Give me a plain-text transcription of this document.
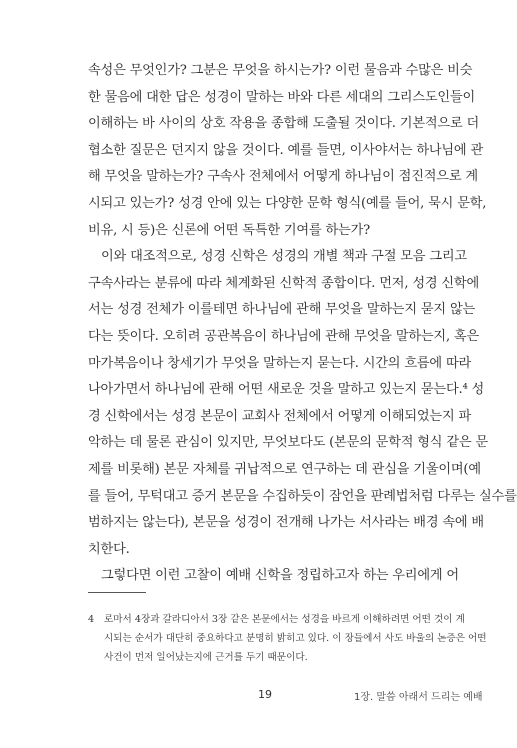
속성은 무엇인가? 그분은 무엇을 하시는가? 이런 물음과 수많은 비슷
한 물음에 대한 답은 성경이 말하는 바와 다른 세대의 그리스도인들이
이해하는 바 사이의 상호 작용을 종합해 도출될 것이다. 기본적으로 더
협소한 질문은 던지지 않을 것이다. 예를 들면, 이사야서는 하나님에 관
해 무엇을 말하는가? 구속사 전체에서 어떻게 하나님이 점진적으로 계
시되고 있는가? 성경 안에 있는 다양한 문학 형식(예를 들어, 묵시 문학,
비유, 시 등)은 신론에 어떤 독특한 기여를 하는가?
이와 대조적으로, 성경 신학은 성경의 개별 책과 구절 모음 그리고
구속사라는 분류에 따라 체계화된 신학적 종합이다. 먼저, 성경 신학에
서는 성경 전체가 이를테면 하나님에 관해 무엇을 말하는지 묻지 않는
다는 뜻이다. 오히려 공관복음이 하나님에 관해 무엇을 말하는지, 혹은
마가복음이나 창세기가 무엇을 말하는지 묻는다. 시간의 흐름에 따라
나아가면서 하나님에 관해 어떤 새로운 것을 말하고 있는지 묻는다.⁴ 성
경 신학에서는 성경 본문이 교회사 전체에서 어떻게 이해되었는지 파
악하는 데 물론 관심이 있지만, 무엇보다도 (본문의 문학적 형식 같은 문
제를 비롯해) 본문 자체를 귀납적으로 연구하는 데 관심을 기울이며(예
를 들어, 무턱대고 증거 본문을 수집하듯이 잠언을 판례법처럼 다루는 실수를
범하지는 않는다), 본문을 성경이 전개해 나가는 서사라는 배경 속에 배
치한다.
그렇다면 이런 고찰이 예배 신학을 정립하고자 하는 우리에게 어
4 로마서 4장과 갈라디아서 3장 같은 본문에서는 성경을 바르게 이해하려면 어떤 것이 계
시되는 순서가 대단히 중요하다고 분명히 밝히고 있다. 이 장들에서 사도 바울의 논증은 어떤
사건이 먼저 일어났는지에 근거를 두기 때문이다.
19	1장. 말씀 아래서 드리는 예배
